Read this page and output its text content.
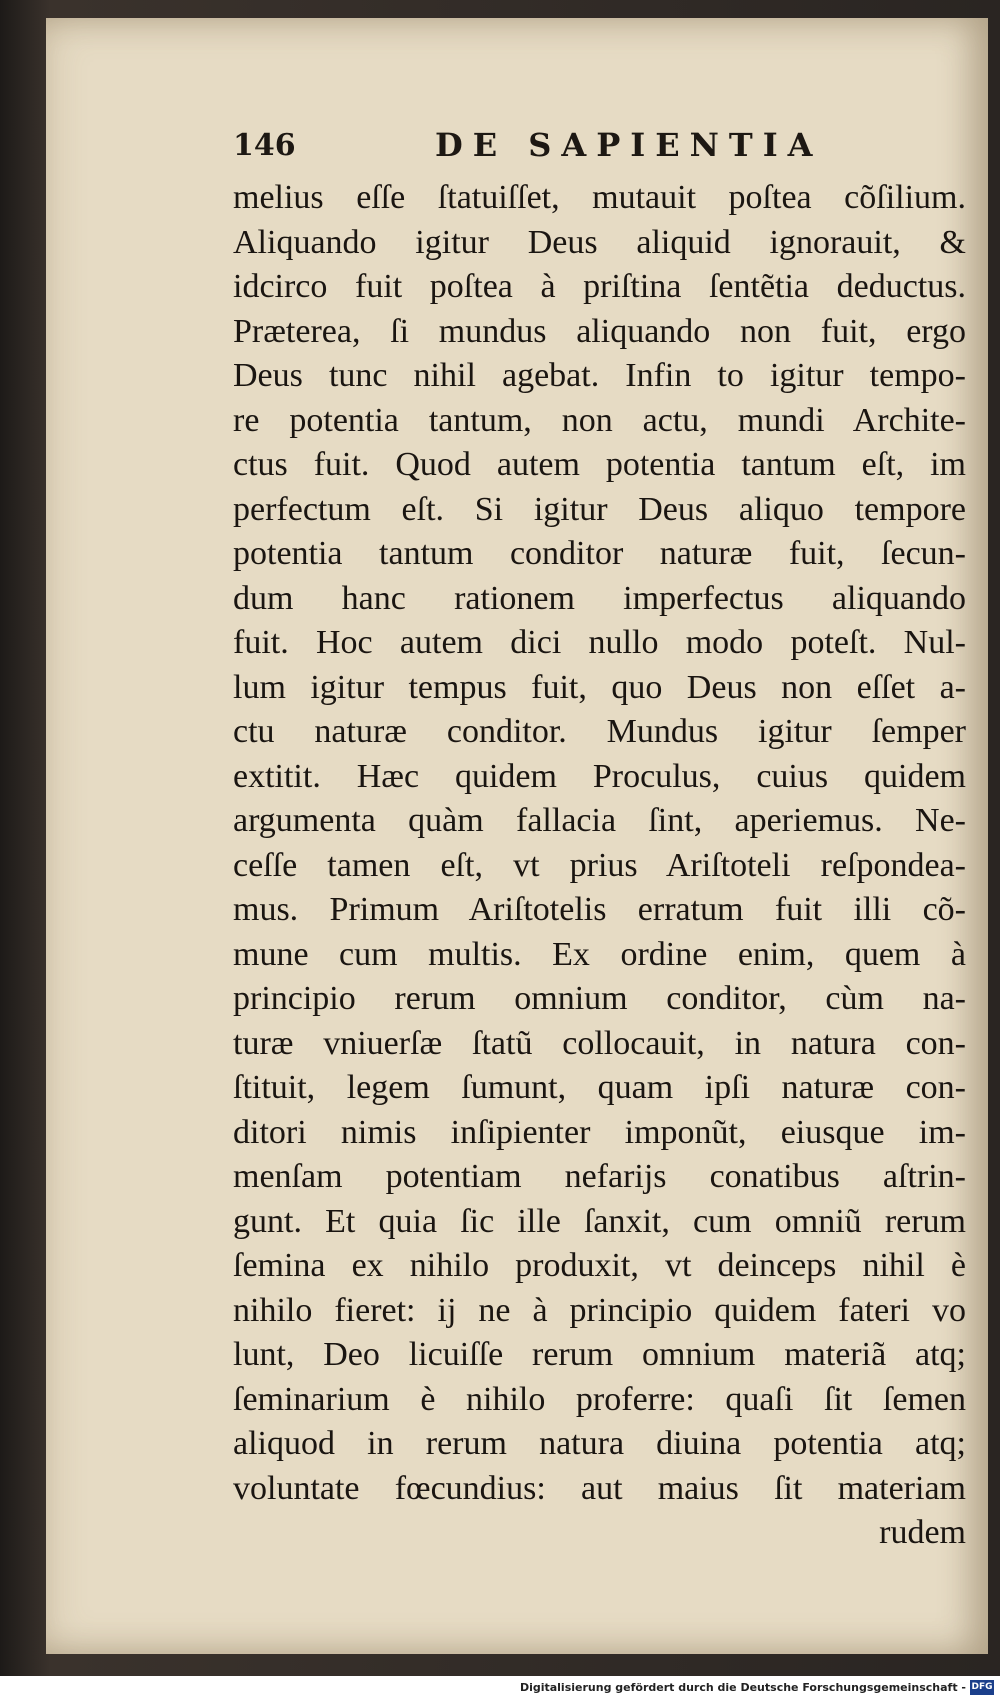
146	DE SAPIENTIA
melius eſſe ſtatuiſſet, mutauit poſtea cõſilium.
Aliquando igitur Deus aliquid ignorauit, &
idcirco fuit poſtea à priſtina ſentẽtia deductus.
Præterea, ſi mundus aliquando non fuit, ergo
Deus tunc nihil agebat. Infin to igitur tempo-
re potentia tantum, non actu, mundi Archite-
ctus fuit. Quod autem potentia tantum eſt, im
perfectum eſt. Si igitur Deus aliquo tempore
potentia tantum conditor naturæ fuit, ſecun-
dum hanc rationem imperfectus aliquando
fuit. Hoc autem dici nullo modo poteſt. Nul-
lum igitur tempus fuit, quo Deus non eſſet a-
ctu naturæ conditor. Mundus igitur ſemper
extitit. Hæc quidem Proculus, cuius quidem
argumenta quàm fallacia ſint, aperiemus. Ne-
ceſſe tamen eſt, vt prius Ariſtoteli reſpondea-
mus. Primum Ariſtotelis erratum fuit illi cõ-
mune cum multis. Ex ordine enim, quem à
principio rerum omnium conditor, cùm na-
turæ vniuerſæ ſtatũ collocauit, in natura con-
ſtituit, legem ſumunt, quam ipſi naturæ con-
ditori nimis inſipienter imponũt, eiusque im-
menſam potentiam nefarijs conatibus aſtrin-
gunt. Et quia ſic ille ſanxit, cum omniũ rerum
ſemina ex nihilo produxit, vt deinceps nihil è
nihilo fieret: ij ne à principio quidem fateri vo
lunt, Deo licuiſſe rerum omnium materiã atq;
ſeminarium è nihilo proferre: quaſi ſit ſemen
aliquod in rerum natura diuina potentia atq;
voluntate fœcundius: aut maius ſit materiam
rudem
Digitalisierung gefördert durch die Deutsche Forschungsgemeinschaft - DFG
